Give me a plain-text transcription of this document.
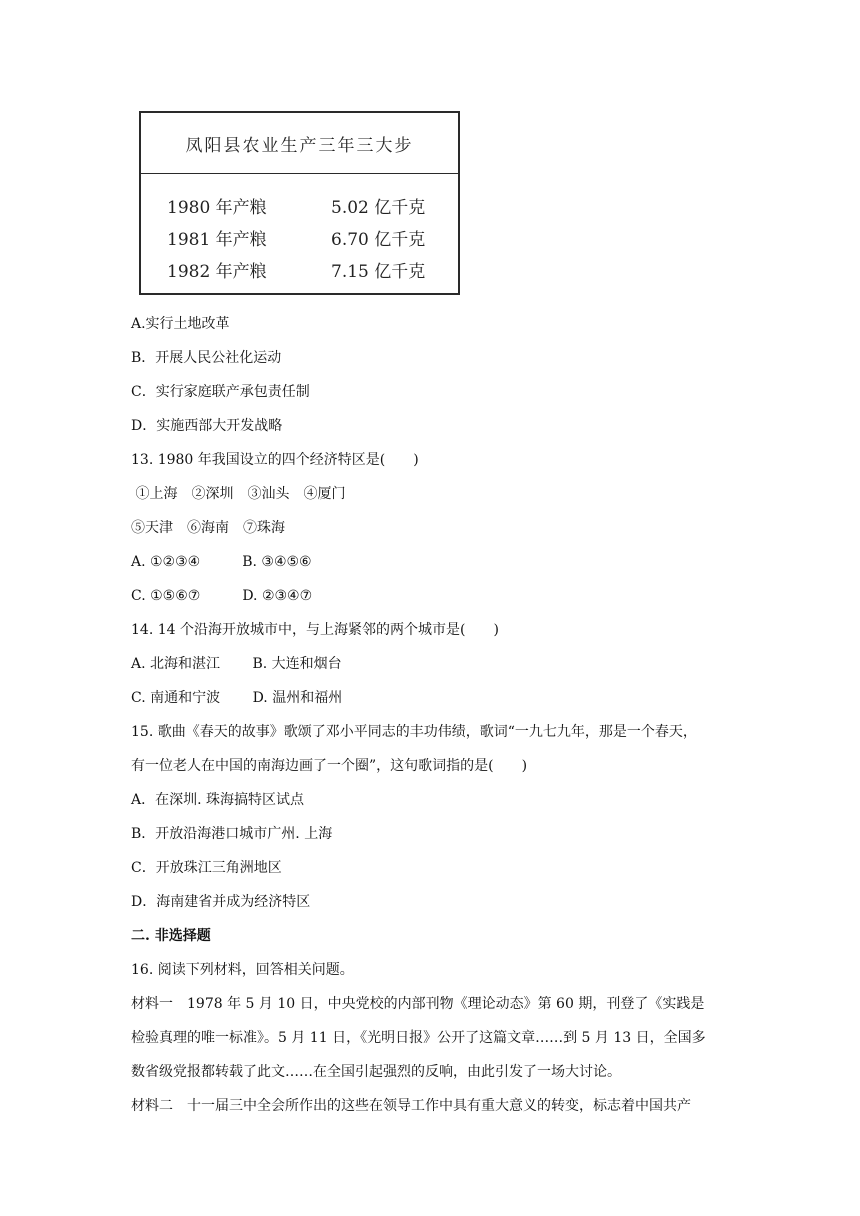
凤阳县农业生产三年三大步
1980 年产粮	5.02 亿千克
1981 年产粮	6.70 亿千克
1982 年产粮	7.15 亿千克
A.实行土地改革
B．开展人民公社化运动
C．实行家庭联产承包责任制
D．实施西部大开发战略
13. 1980 年我国设立的四个经济特区是(　　)
①上海　②深圳　③汕头　④厦门
⑤天津　⑥海南　⑦珠海
A. ①②③④　　　B. ③④⑤⑥
C. ①⑤⑥⑦　　　D. ②③④⑦
14. 14 个沿海开放城市中，与上海紧邻的两个城市是(　　)
A. 北海和湛江　　 B. 大连和烟台
C. 南通和宁波　　 D. 温州和福州
15. 歌曲《春天的故事》歌颂了邓小平同志的丰功伟绩，歌词“一九七九年，那是一个春天，
有一位老人在中国的南海边画了一个圈”，这句歌词指的是(　　)
A．在深圳. 珠海搞特区试点
B．开放沿海港口城市广州. 上海
C．开放珠江三角洲地区
D．海南建省并成为经济特区
二. 非选择题
16. 阅读下列材料，回答相关问题。
材料一　1978 年 5 月 10 日，中央党校的内部刊物《理论动态》第 60 期，刊登了《实践是
检验真理的唯一标准》。5 月 11 日，《光明日报》公开了这篇文章……到 5 月 13 日，全国多
数省级党报都转载了此文……在全国引起强烈的反响，由此引发了一场大讨论。
材料二　十一届三中全会所作出的这些在领导工作中具有重大意义的转变，标志着中国共产
